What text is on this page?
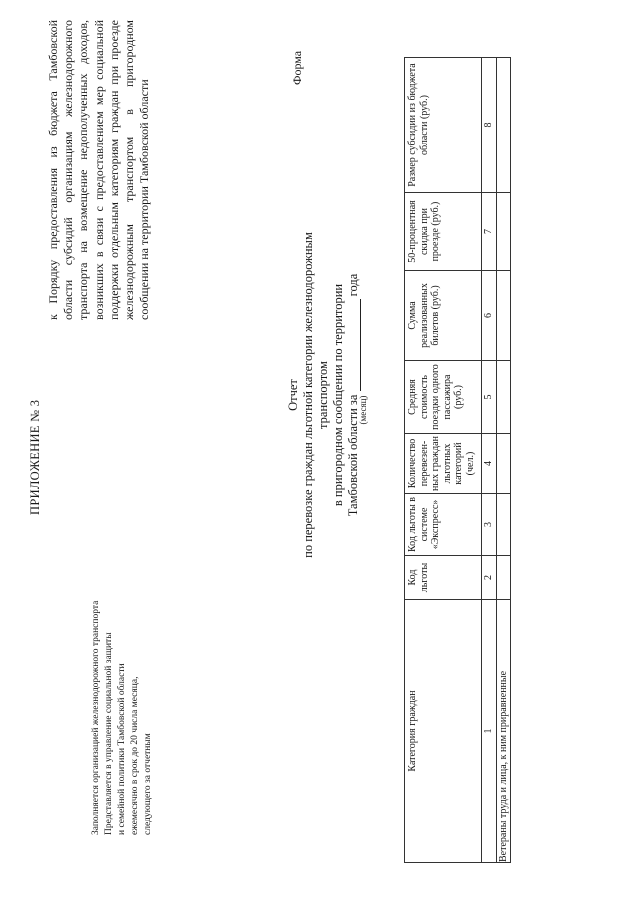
ПРИЛОЖЕНИЕ № 3
к Порядку предоставления из бюджета Тамбовской области субсидий организациям железнодорожного транспорта на возмещение недополученных доходов, возникших в связи с предоставлением мер социальной поддержки отдельным категориям граждан при проезде железнодорожным транспортом в пригородном сообщении на территории Тамбовской области
Форма
Заполняется организацией железнодорожного транспорта Представляется в управление социальной защиты и семейной политики Тамбовской области ежемесячно в срок до 20 числа месяца, следующего за отчетным
Отчет по перевозке граждан льготной категории железнодорожным транспортом в пригородном сообщении по территории Тамбовской области за  года
(месяц)
Категория граждан	Код льготы	Код льготы в системе «Экспресс»	Количество перевезен-ных граждан льготных категорий (чел.)	Средняя стоимость поездки одного пассажира (руб.)	Сумма реализованных билетов (руб.)	50-процентная скидка при проезде (руб.)	Размер субсидии из бюджета области (руб.)
1	2	3	4	5	6	7	8
Ветераны труда и лица, к ним приравненные							
